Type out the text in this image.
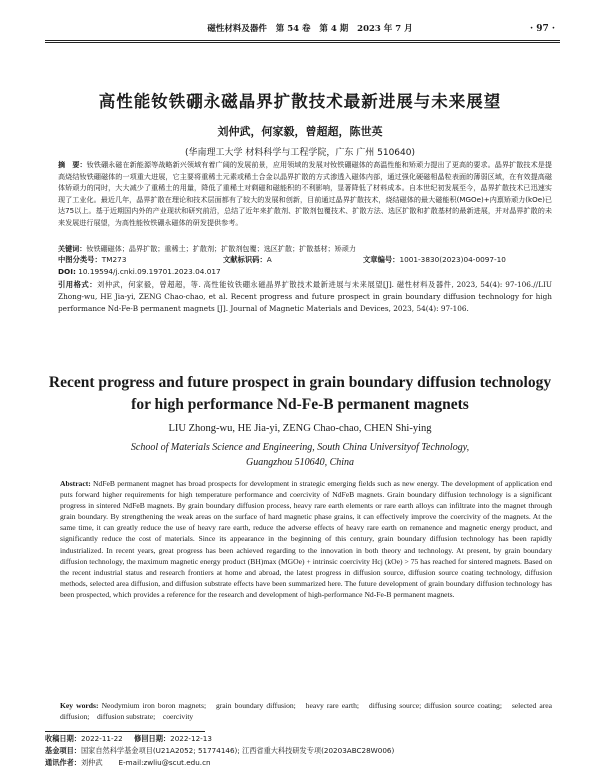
磁性材料及器件 第 54 卷 第 4 期 2023 年 7 月	· 97 ·
高性能钕铁硼永磁晶界扩散技术最新进展与未来展望
刘仲武，何家毅，曾超超，陈世英
(华南理工大学 材料科学与工程学院，广东 广州 510640)
摘　要：钕铁硼永磁在新能源等战略新兴领域有着广阔的发展前景，应用领域的发展对钕铁硼磁体的高温性能和矫顽力提出了更高的要求。晶界扩散技术是提高烧结钕铁硼磁体的一项重大进展，它主要将重稀土元素或稀土合金以晶界扩散的方式渗透入磁体内部，通过强化硬磁相晶粒表面的薄弱区域，在有效提高磁体矫顽力的同时，大大减少了重稀土的用量，降低了重稀土对剩磁和磁能积的不利影响，显著降低了材料成本。自本世纪初发展至今，晶界扩散技术已迅速实现了工业化。最近几年，晶界扩散在理论和技术层面都有了较大的发展和创新，目前通过晶界扩散技术，烧结磁体的最大磁能积(MGOe)+内禀矫顽力(kOe)已达75以上。基于近期国内外的产业现状和研究前沿，总结了近年来扩散剂、扩散剂包覆技术、扩散方法、选区扩散和扩散基材的最新进展，并对晶界扩散的未来发展进行展望，为高性能钕铁硼永磁体的研发提供参考。
关键词：钕铁硼磁体；晶界扩散；重稀土；扩散剂；扩散剂包覆；选区扩散；扩散基材；矫顽力
中图分类号：TM273	文献标识码：A	文章编号：1001-3830(2023)04-0097-10
DOI: 10.19594/j.cnki.09.19701.2023.04.017
引用格式：刘仲武，何家毅，曾超超，等. 高性能钕铁硼永磁晶界扩散技术最新进展与未来展望[J]. 磁性材料及器件, 2023, 54(4): 97-106.//LIU Zhong-wu, HE Jia-yi, ZENG Chao-chao, et al. Recent progress and future prospect in grain boundary diffusion technology for high performance Nd-Fe-B permanent magnets [J]. Journal of Magnetic Materials and Devices, 2023, 54(4): 97-106.
Recent progress and future prospect in grain boundary diffusion technology for high performance Nd-Fe-B permanent magnets
LIU Zhong-wu, HE Jia-yi, ZENG Chao-chao, CHEN Shi-ying
School of Materials Science and Engineering, South China Universityof Technology,
Guangzhou 510640, China
Abstract: NdFeB permanent magnet has broad prospects for development in strategic emerging fields such as new energy. The development of application end puts forward higher requirements for high temperature performance and coercivity of NdFeB magnets. Grain boundary diffusion technology is a significant progress in sintered NdFeB magnets. By grain boundary diffusion process, heavy rare earth elements or rare earth alloys can infiltrate into the magnet through grain boundary. By strengthening the weak areas on the surface of hard magnetic phase grains, it can effectively improve the coercivity of the magnets. At the same time, it can greatly reduce the use of heavy rare earth, reduce the adverse effects of heavy rare earth on remanence and magnetic energy product, and significantly reduce the cost of materials. Since its appearance in the beginning of this century, grain boundary diffusion technology has been rapidly industrialized. In recent years, great progress has been achieved regarding to the innovation in both theory and technology. At present, by grain boundary diffusion technology, the maximum magnetic energy product (BH)max (MGOe) + intrinsic coercivity Hcj (kOe) > 75 has reached for sintered magnets. Based on the recent industrial status and research frontiers at home and abroad, the latest progress in diffusion source, diffusion source coating technology, diffusion methods, selected area diffusion, and diffusion substrate effects have been summarized here. The future development of grain boundary diffusion technology has been prospected, which provides a reference for the research and development of high-performance Nd-Fe-B permanent magnets.
Key words: Neodymium iron boron magnets;　grain boundary diffusion;　heavy rare earth;　diffusing source; diffusion source coating;　selected area diffusion;　diffusion substrate;　coercivity
收稿日期：2022-11-22 修回日期：2022-12-13
基金项目：国家自然科学基金项目(U21A2052; 51774146); 江西省重大科技研发专项(20203ABC28W006)
通讯作者：刘仲武 E-mail:zwliu@scut.edu.cn
